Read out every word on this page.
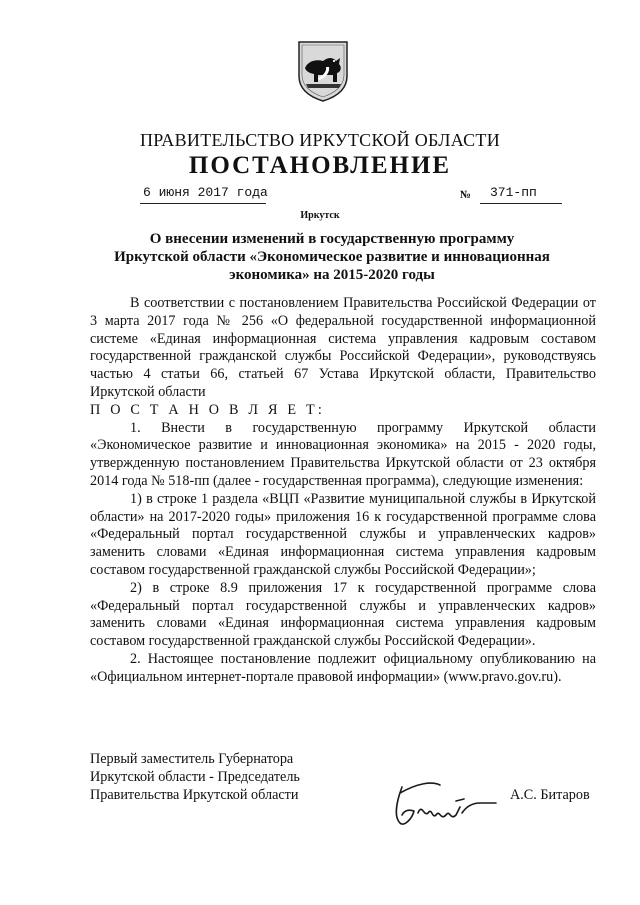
ПРАВИТЕЛЬСТВО ИРКУТСКОЙ ОБЛАСТИ
ПОСТАНОВЛЕНИЕ
6 июня 2017 года	№ 371-пп
Иркутск
О внесении изменений в государственную программу
Иркутской области «Экономическое развитие и инновационная
экономика» на 2015-2020 годы

В соответствии с постановлением Правительства Российской Федерации от 3 марта 2017 года № 256 «О федеральной государственной информационной системе «Единая информационная система управления кадровым составом государственной гражданской службы Российской Федерации», руководствуясь частью 4 статьи 66, статьей 67 Устава Иркутской области, Правительство Иркутской области

П О С Т А Н О В Л Я Е Т:

1. Внести в государственную программу Иркутской области «Экономическое развитие и инновационная экономика» на 2015 - 2020 годы, утвержденную постановлением Правительства Иркутской области от 23 октября 2014 года № 518-пп (далее - государственная программа), следующие изменения:

1) в строке 1 раздела «ВЦП «Развитие муниципальной службы в Иркутской области» на 2017-2020 годы» приложения 16 к государственной программе слова «Федеральный портал государственной службы и управленческих кадров» заменить словами «Единая информационная система управления кадровым составом государственной гражданской службы Российской Федерации»;

2) в строке 8.9 приложения 17 к государственной программе слова «Федеральный портал государственной службы и управленческих кадров» заменить словами «Единая информационная система управления кадровым составом государственной гражданской службы Российской Федерации».

2. Настоящее постановление подлежит официальному опубликованию на «Официальном интернет-портале правовой информации» (www.pravo.gov.ru).

Первый заместитель Губернатора
Иркутской области - Председатель
Правительства Иркутской области	А.С. Битаров
